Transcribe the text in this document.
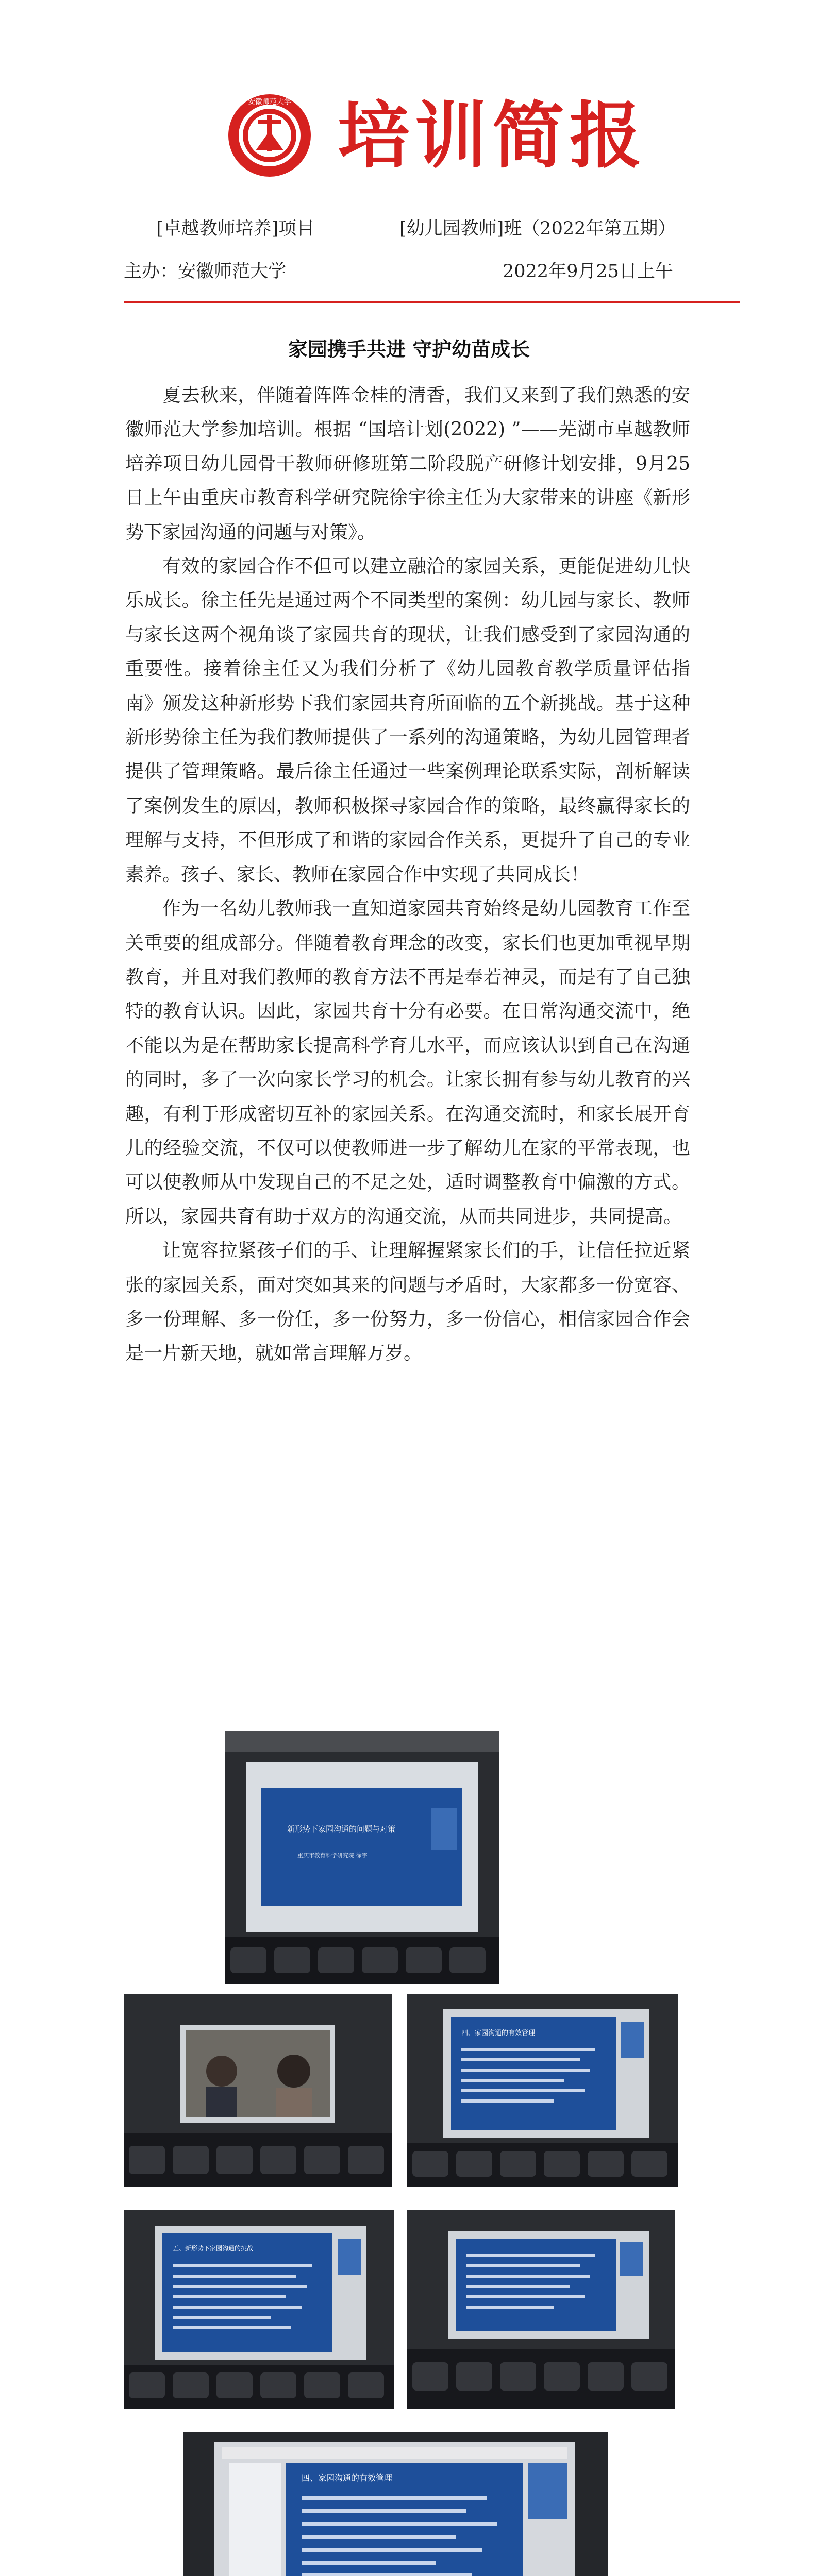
安徽师范大学 培训简报
[卓越教师培养]项目	[幼儿园教师]班（2022年第五期）
主办：安徽师范大学	2022年9月25日上午
家园携手共进 守护幼苗成长

夏去秋来，伴随着阵阵金桂的清香，我们又来到了我们熟悉的安徽师范大学参加培训。根据 “国培计划(2022) ”——芜湖市卓越教师培养项目幼儿园骨干教师研修班第二阶段脱产研修计划安排，9月25日上午由重庆市教育科学研究院徐宇徐主任为大家带来的讲座《新形势下家园沟通的问题与对策》。

有效的家园合作不但可以建立融洽的家园关系，更能促进幼儿快乐成长。徐主任先是通过两个不同类型的案例：幼儿园与家长、教师与家长这两个视角谈了家园共育的现状，让我们感受到了家园沟通的重要性。接着徐主任又为我们分析了《幼儿园教育教学质量评估指南》颁发这种新形势下我们家园共育所面临的五个新挑战。基于这种新形势徐主任为我们教师提供了一系列的沟通策略，为幼儿园管理者提供了管理策略。最后徐主任通过一些案例理论联系实际，剖析解读了案例发生的原因，教师积极探寻家园合作的策略，最终赢得家长的理解与支持，不但形成了和谐的家园合作关系，更提升了自己的专业素养。孩子、家长、教师在家园合作中实现了共同成长！

作为一名幼儿教师我一直知道家园共育始终是幼儿园教育工作至关重要的组成部分。伴随着教育理念的改变，家长们也更加重视早期教育，并且对我们教师的教育方法不再是奉若神灵，而是有了自己独特的教育认识。因此，家园共育十分有必要。在日常沟通交流中，绝不能以为是在帮助家长提高科学育儿水平，而应该认识到自己在沟通的同时，多了一次向家长学习的机会。让家长拥有参与幼儿教育的兴趣，有利于形成密切互补的家园关系。在沟通交流时，和家长展开育儿的经验交流，不仅可以使教师进一步了解幼儿在家的平常表现，也可以使教师从中发现自己的不足之处，适时调整教育中偏激的方式。所以，家园共育有助于双方的沟通交流，从而共同进步，共同提高。

让宽容拉紧孩子们的手、让理解握紧家长们的手，让信任拉近紧张的家园关系，面对突如其来的问题与矛盾时，大家都多一份宽容、多一份理解、多一份任，多一份努力，多一份信心，相信家园合作会是一片新天地，就如常言理解万岁。

新形势下家园沟通的问题与对策
重庆市教育科学研究院 徐宇
四、家园沟通的有效管理
五、新形势下家园沟通的挑战
四、家园沟通的有效管理
